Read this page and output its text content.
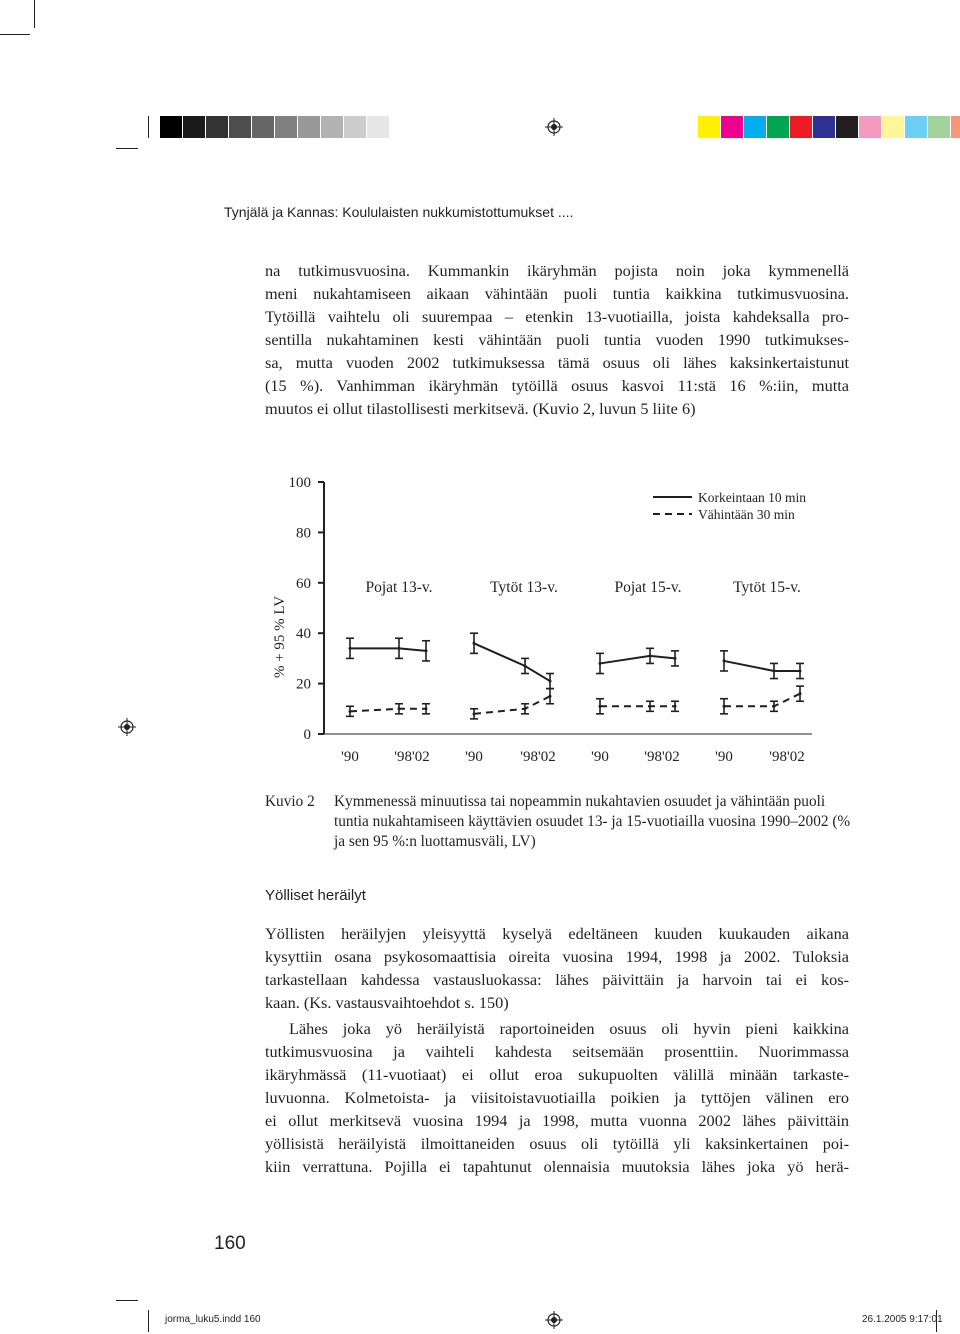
Tynjälä ja Kannas: Koululaisten nukkumistottumukset ....
na tutkimusvuosina. Kummankin ikäryhmän pojista noin joka kymmenellä
meni nukahtamiseen aikaan vähintään puoli tuntia kaikkina tutkimusvuosina.
Tytöillä vaihtelu oli suurempaa – etenkin 13-vuotiailla, joista kahdeksalla pro-
sentilla nukahtaminen kesti vähintään puoli tuntia vuoden 1990 tutkimukses-
sa, mutta vuoden 2002 tutkimuksessa tämä osuus oli lähes kaksinkertaistunut
(15 %). Vanhimman ikäryhmän tytöillä osuus kasvoi 11:stä 16 %:iin, mutta
muutos ei ollut tilastollisesti merkitsevä. (Kuvio 2, luvun 5 liite 6)
0
20
40
60
80
100
% + 95 % LV
'90 '98'02 '90 '98'02 '90 '98'02 '90 '98'02
Pojat 13-v.	Tytöt 13-v.	Pojat 15-v.	Tytöt 15-v.
Korkeintaan 10 min
Vähintään 30 min
Kuvio 2 Kymmenessä minuutissa tai nopeammin nukahtavien osuudet ja vähintään puoli tuntia nukahtamiseen käyttävien osuudet 13- ja 15-vuotiailla vuosina 1990–2002 (% ja sen 95 %:n luottamusväli, LV)
Yölliset heräilyt
Yöllisten heräilyjen yleisyyttä kyselyä edeltäneen kuuden kuukauden aikana
kysyttiin osana psykosomaattisia oireita vuosina 1994, 1998 ja 2002. Tuloksia
tarkastellaan kahdessa vastausluokassa: lähes päivittäin ja harvoin tai ei kos-
kaan. (Ks. vastausvaihtoehdot s. 150)
Lähes joka yö heräilyistä raportoineiden osuus oli hyvin pieni kaikkina
tutkimusvuosina ja vaihteli kahdesta seitsemään prosenttiin. Nuorimmassa
ikäryhmässä (11-vuotiaat) ei ollut eroa sukupuolten välillä minään tarkaste-
luvuonna. Kolmetoista- ja viisitoistavuotiailla poikien ja tyttöjen välinen ero
ei ollut merkitsevä vuosina 1994 ja 1998, mutta vuonna 2002 lähes päivittäin
yöllisistä heräilyistä ilmoittaneiden osuus oli tytöillä yli kaksinkertainen poi-
kiin verrattuna. Pojilla ei tapahtunut olennaisia muutoksia lähes joka yö herä-
160
jorma_luku5.indd 160	26.1.2005 9:17:01
